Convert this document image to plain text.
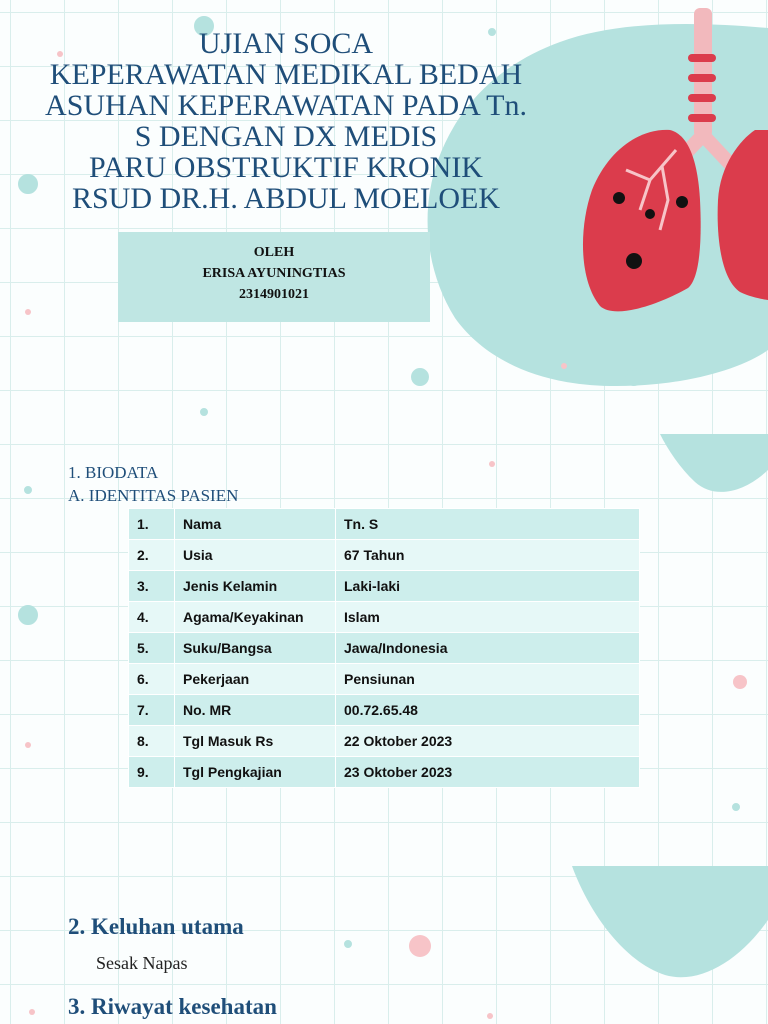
UJIAN SOCA
KEPERAWATAN MEDIKAL BEDAH
ASUHAN KEPERAWATAN PADA Tn.
S DENGAN DX MEDIS
PARU OBSTRUKTIF KRONIK
RSUD DR.H. ABDUL MOELOEK
OLEH
ERISA AYUNINGTIAS
2314901021
1. BIODATA
A. IDENTITAS PASIEN
1.	Nama	Tn. S
2.	Usia	67 Tahun
3.	Jenis Kelamin	Laki-laki
4.	Agama/Keyakinan	Islam
5.	Suku/Bangsa	Jawa/Indonesia
6.	Pekerjaan	Pensiunan
7.	No. MR	00.72.65.48
8.	Tgl Masuk Rs	22 Oktober 2023
9.	Tgl Pengkajian	23 Oktober 2023
2. Keluhan utama
Sesak Napas
3. Riwayat kesehatan
